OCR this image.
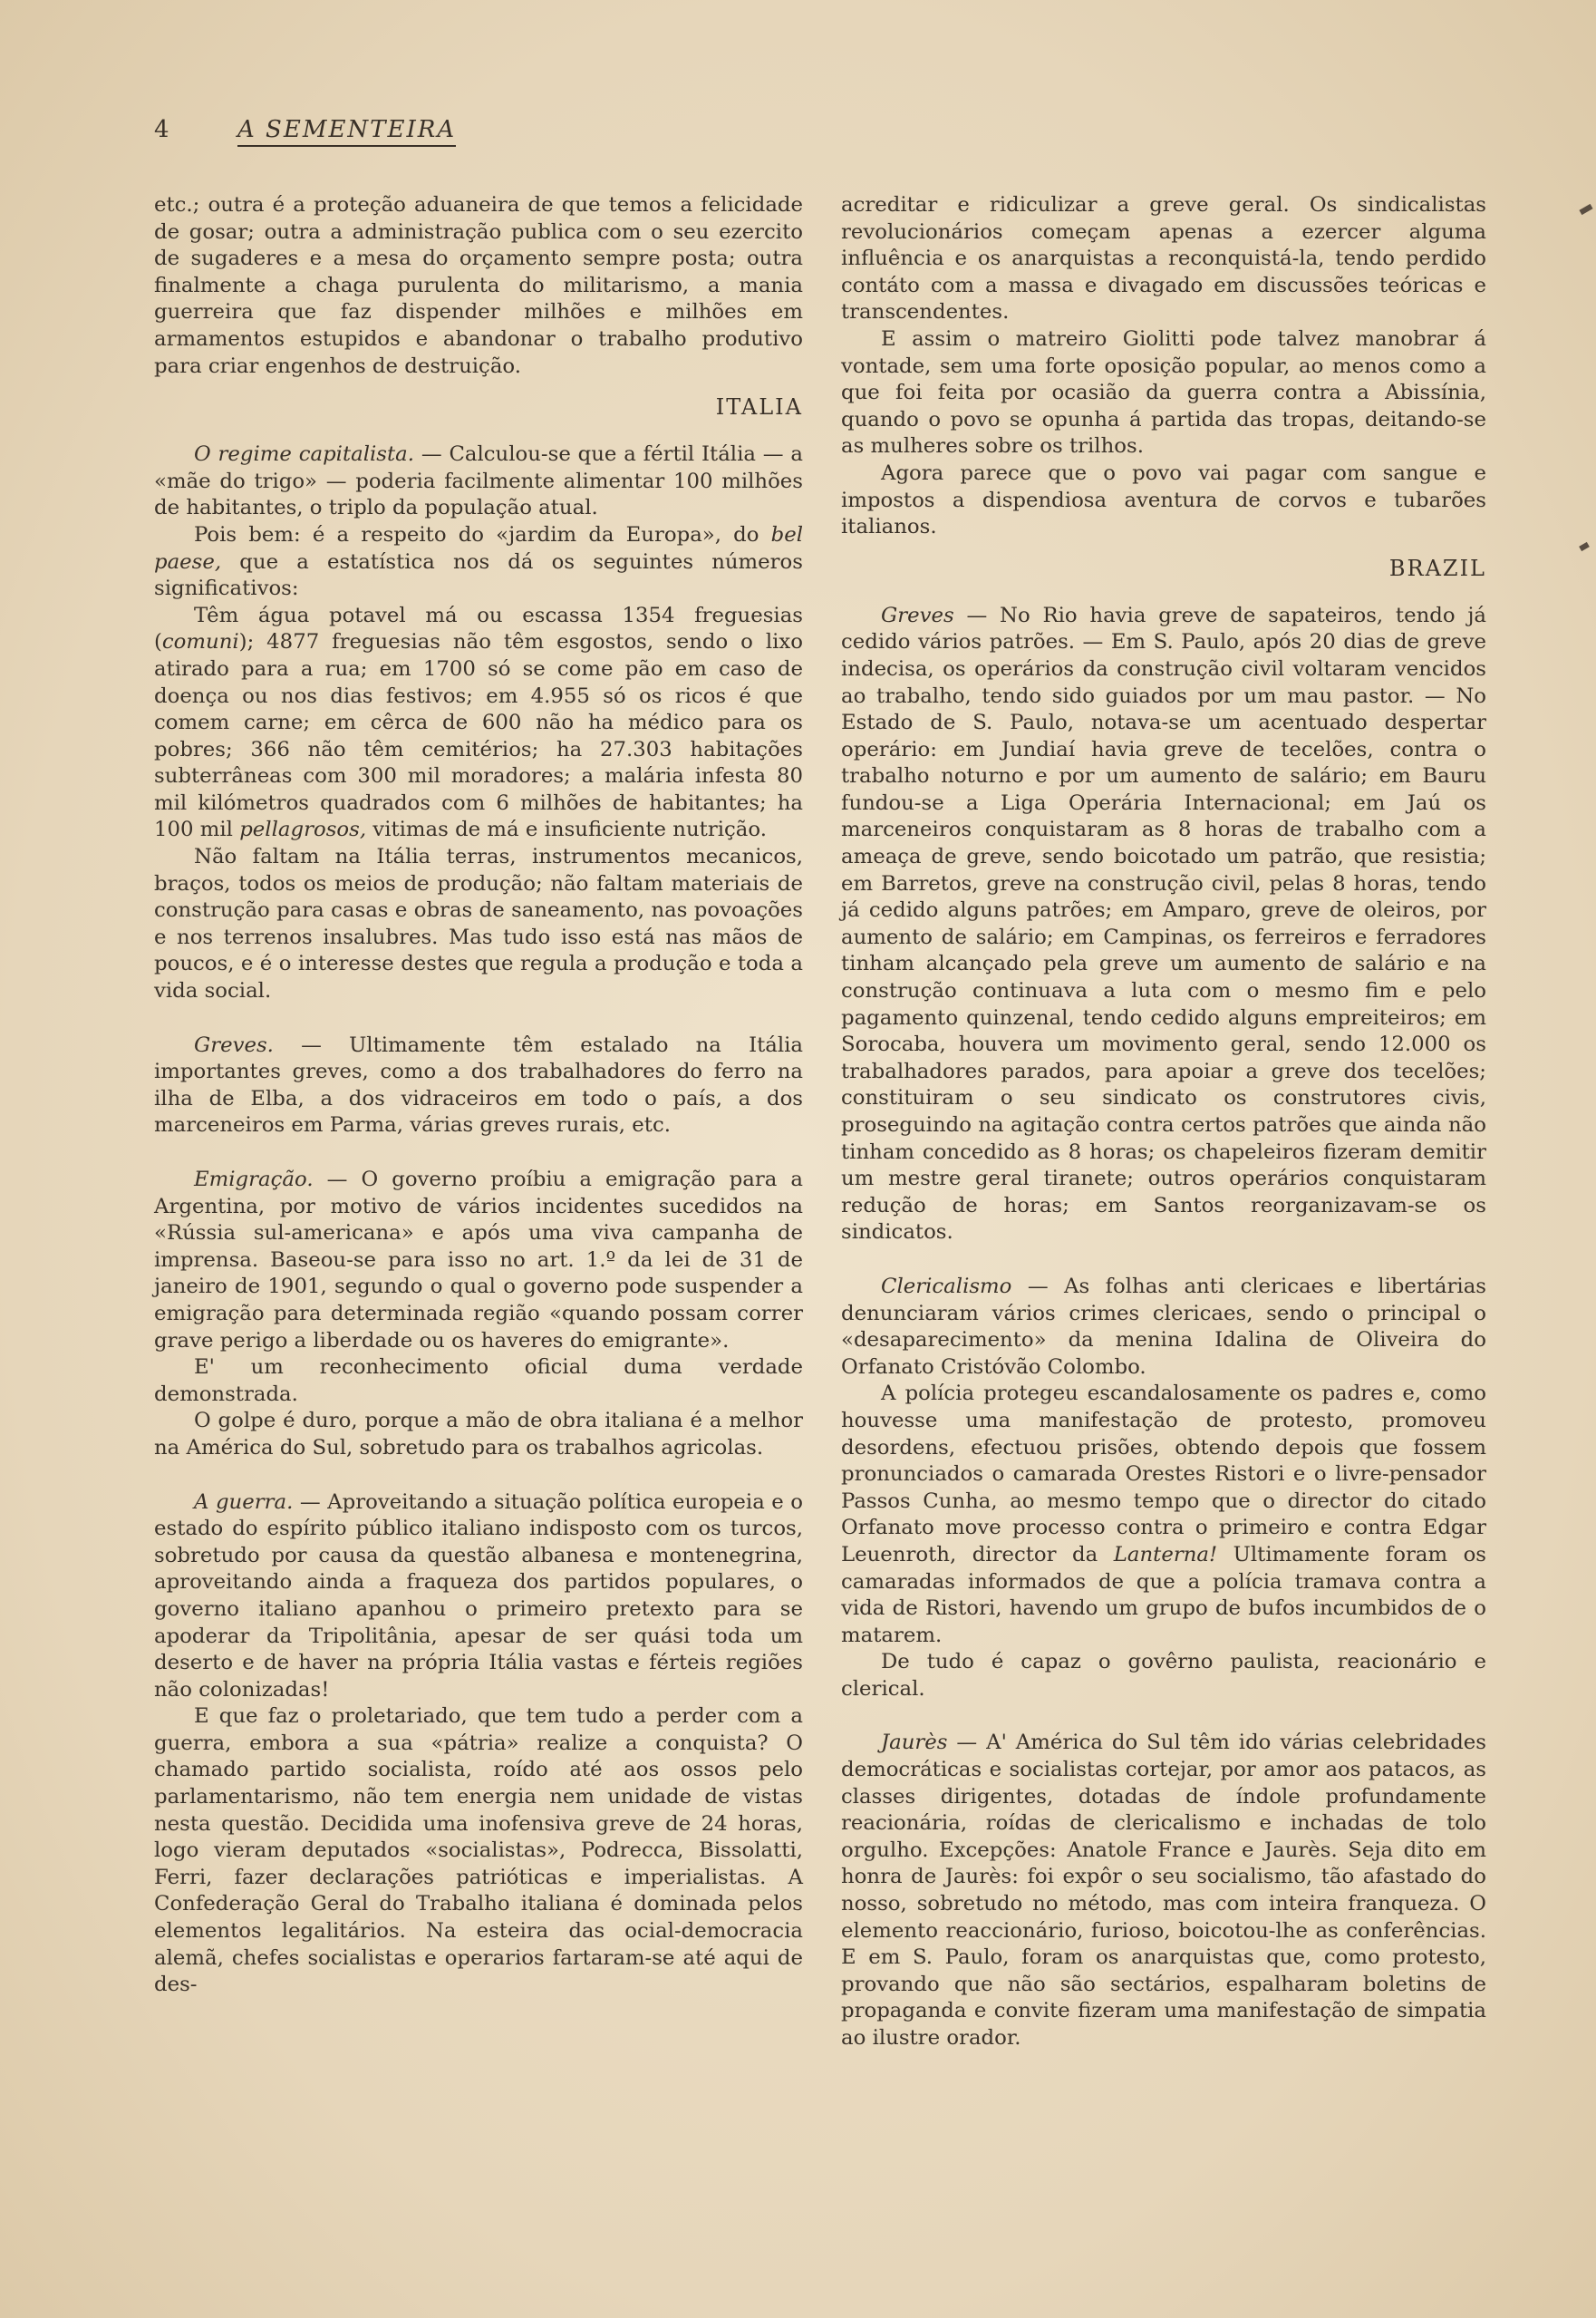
4	A SEMENTEIRA

etc.; outra é a proteção aduaneira de que temos a felicidade de gosar; outra a administração publica com o seu ezercito de sugaderes e a mesa do orçamento sempre posta; outra finalmente a chaga purulenta do militarismo, a mania guerreira que faz dispender milhões e milhões em armamentos estupidos e abandonar o trabalho produtivo para criar engenhos de destruição.

ITALIA

O regime capitalista. — Calculou-se que a fértil Itália — a «mãe do trigo» — poderia facilmente alimentar 100 milhões de habitantes, o triplo da população atual.

Pois bem: é a respeito do «jardim da Europa», do bel paese, que a estatística nos dá os seguintes números significativos:

Têm água potavel má ou escassa 1354 freguesias (comuni); 4877 freguesias não têm esgostos, sendo o lixo atirado para a rua; em 1700 só se come pão em caso de doença ou nos dias festivos; em 4.955 só os ricos é que comem carne; em cêrca de 600 não ha médico para os pobres; 366 não têm cemitérios; ha 27.303 habitações subterrâneas com 300 mil moradores; a malária infesta 80 mil kilómetros quadrados com 6 milhões de habitantes; ha 100 mil pellagrosos, vitimas de má e insuficiente nutrição.

Não faltam na Itália terras, instrumentos mecanicos, braços, todos os meios de produção; não faltam materiais de construção para casas e obras de saneamento, nas povoações e nos terrenos insalubres. Mas tudo isso está nas mãos de poucos, e é o interesse destes que regula a produção e toda a vida social.

Greves. — Ultimamente têm estalado na Itália importantes greves, como a dos trabalhadores do ferro na ilha de Elba, a dos vidraceiros em todo o país, a dos marceneiros em Parma, várias greves rurais, etc.

Emigração. — O governo proíbiu a emigração para a Argentina, por motivo de vários incidentes sucedidos na «Rússia sul-americana» e após uma viva campanha de imprensa. Baseou-se para isso no art. 1.º da lei de 31 de janeiro de 1901, segundo o qual o governo pode suspender a emigração para determinada região «quando possam correr grave perigo a liberdade ou os haveres do emigrante».

E' um reconhecimento oficial duma verdade demonstrada.

O golpe é duro, porque a mão de obra italiana é a melhor na América do Sul, sobretudo para os trabalhos agricolas.

A guerra. — Aproveitando a situação política europeia e o estado do espírito público italiano indisposto com os turcos, sobretudo por causa da questão albanesa e montenegrina, aproveitando ainda a fraqueza dos partidos populares, o governo italiano apanhou o primeiro pretexto para se apoderar da Tripolitânia, apesar de ser quási toda um deserto e de haver na própria Itália vastas e férteis regiões não colonizadas!

E que faz o proletariado, que tem tudo a perder com a guerra, embora a sua «pátria» realize a conquista? O chamado partido socialista, roído até aos ossos pelo parlamentarismo, não tem energia nem unidade de vistas nesta questão. Decidida uma inofensiva greve de 24 horas, logo vieram deputados «socialistas», Podrecca, Bissolatti, Ferri, fazer declarações patrióticas e imperialistas. A Confederação Geral do Trabalho italiana é dominada pelos elementos legalitários. Na esteira das ocial-democracia alemã, chefes socialistas e operarios fartaram-se até aqui de des-

acreditar e ridiculizar a greve geral. Os sindicalistas revolucionários começam apenas a ezercer alguma influência e os anarquistas a reconquistá-la, tendo perdido contáto com a massa e divagado em discussões teóricas e transcendentes.

E assim o matreiro Giolitti pode talvez manobrar á vontade, sem uma forte oposição popular, ao menos como a que foi feita por ocasião da guerra contra a Abissínia, quando o povo se opunha á partida das tropas, deitando-se as mulheres sobre os trilhos.

Agora parece que o povo vai pagar com sangue e impostos a dispendiosa aventura de corvos e tubarões italianos.

BRAZIL

Greves — No Rio havia greve de sapateiros, tendo já cedido vários patrões. — Em S. Paulo, após 20 dias de greve indecisa, os operários da construção civil voltaram vencidos ao trabalho, tendo sido guiados por um mau pastor. — No Estado de S. Paulo, notava-se um acentuado despertar operário: em Jundiaí havia greve de tecelões, contra o trabalho noturno e por um aumento de salário; em Bauru fundou-se a Liga Operária Internacional; em Jaú os marceneiros conquistaram as 8 horas de trabalho com a ameaça de greve, sendo boicotado um patrão, que resistia; em Barretos, greve na construção civil, pelas 8 horas, tendo já cedido alguns patrões; em Amparo, greve de oleiros, por aumento de salário; em Campinas, os ferreiros e ferradores tinham alcançado pela greve um aumento de salário e na construção continuava a luta com o mesmo fim e pelo pagamento quinzenal, tendo cedido alguns empreiteiros; em Sorocaba, houvera um movimento geral, sendo 12.000 os trabalhadores parados, para apoiar a greve dos tecelões; constituiram o seu sindicato os construtores civis, proseguindo na agitação contra certos patrões que ainda não tinham concedido as 8 horas; os chapeleiros fizeram demitir um mestre geral tiranete; outros operários conquistaram redução de horas; em Santos reorganizavam-se os sindicatos.

Clericalismo — As folhas anti clericaes e libertárias denunciaram vários crimes clericaes, sendo o principal o «desaparecimento» da menina Idalina de Oliveira do Orfanato Cristóvão Colombo.

A polícia protegeu escandalosamente os padres e, como houvesse uma manifestação de protesto, promoveu desordens, efectuou prisões, obtendo depois que fossem pronunciados o camarada Orestes Ristori e o livre-pensador Passos Cunha, ao mesmo tempo que o director do citado Orfanato move processo contra o primeiro e contra Edgar Leuenroth, director da Lanterna! Ultimamente foram os camaradas informados de que a polícia tramava contra a vida de Ristori, havendo um grupo de bufos incumbidos de o matarem.

De tudo é capaz o govêrno paulista, reacionário e clerical.

Jaurès — A' América do Sul têm ido várias celebridades democráticas e socialistas cortejar, por amor aos patacos, as classes dirigentes, dotadas de índole profundamente reacionária, roídas de clericalismo e inchadas de tolo orgulho. Excepções: Anatole France e Jaurès. Seja dito em honra de Jaurès: foi expôr o seu socialismo, tão afastado do nosso, sobretudo no método, mas com inteira franqueza. O elemento reaccionário, furioso, boicotou-lhe as conferências. E em S. Paulo, foram os anarquistas que, como protesto, provando que não são sectários, espalharam boletins de propaganda e convite fizeram uma manifestação de simpatia ao ilustre orador.
